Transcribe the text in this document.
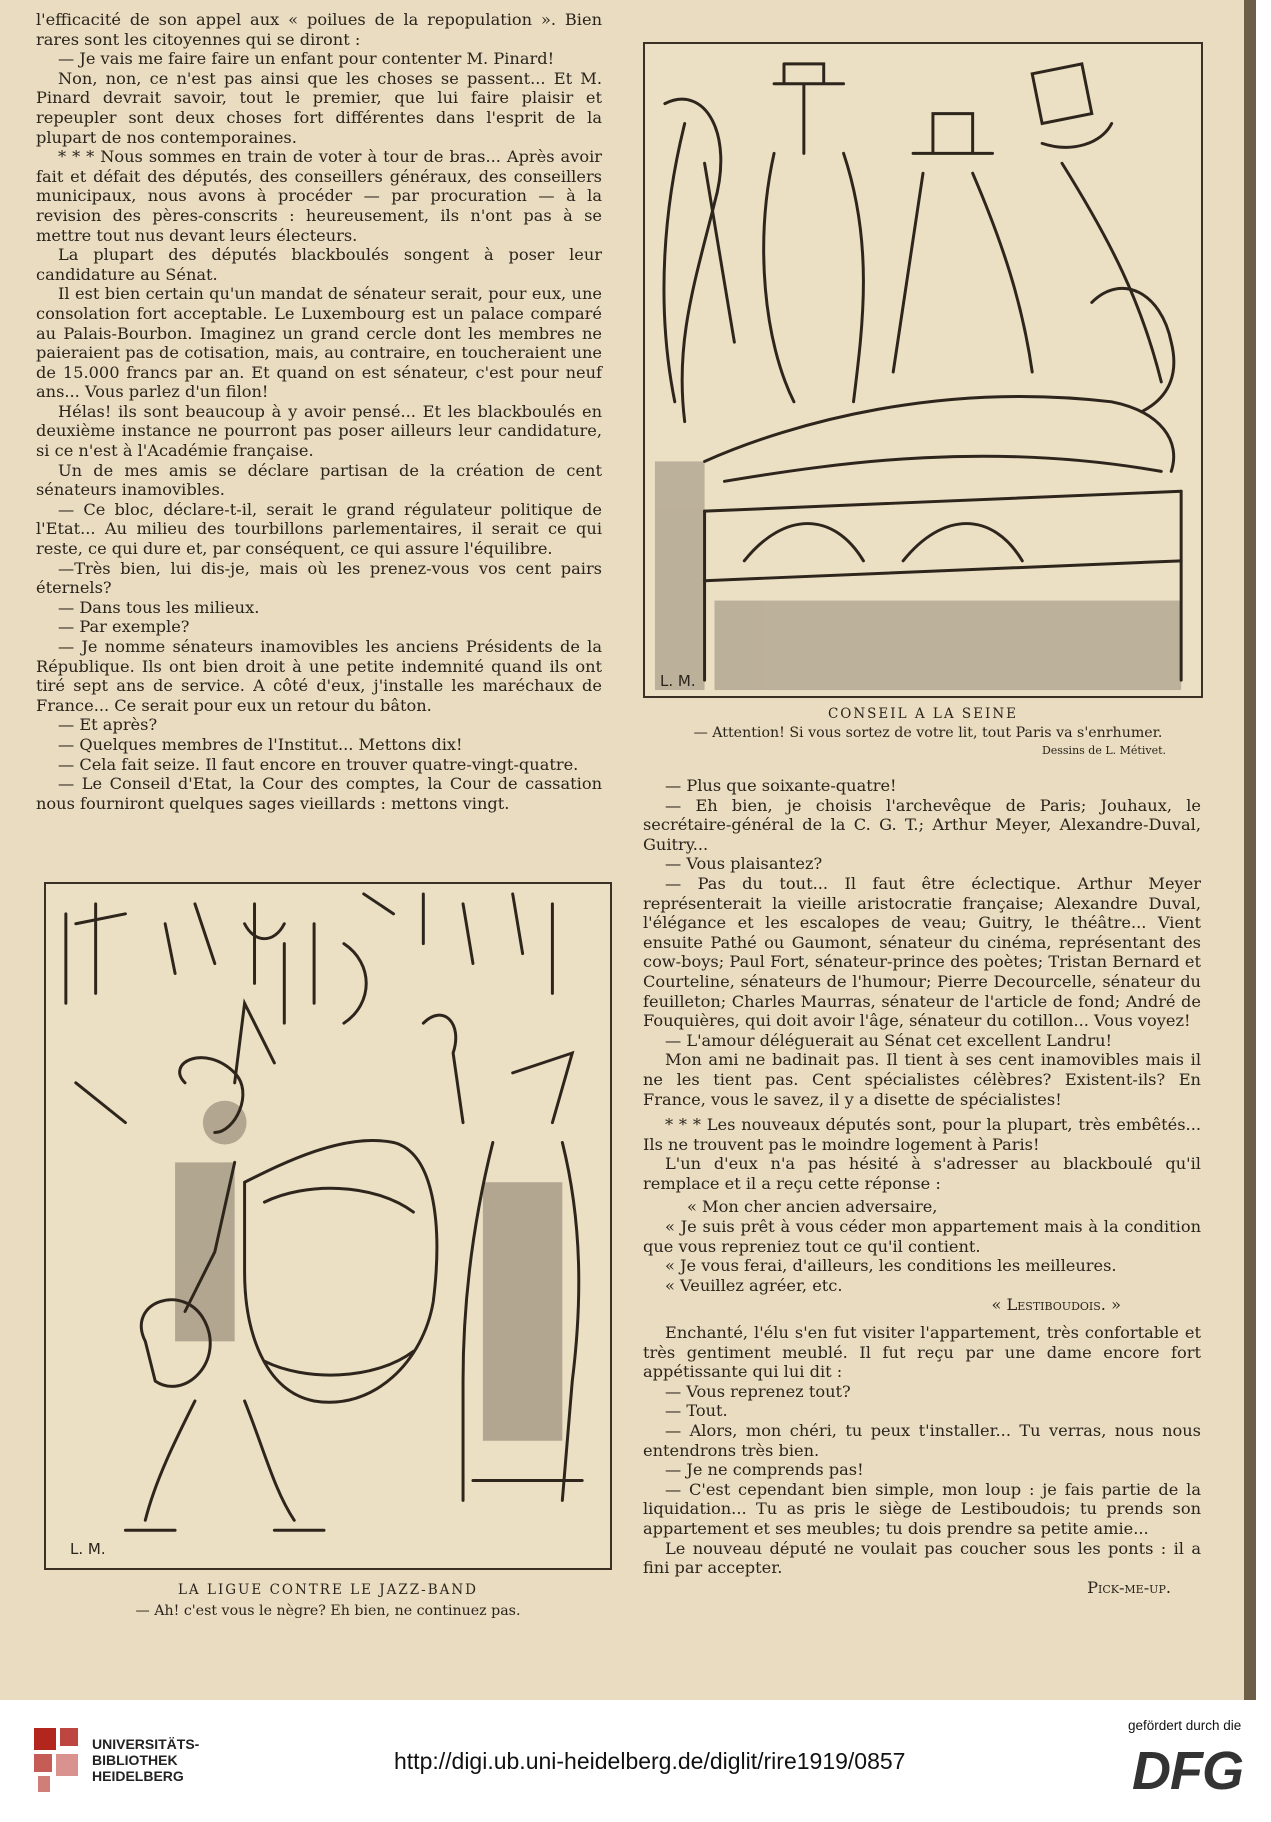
l'efficacité de son appel aux « poilues de la repopulation ». Bien rares sont les citoyennes qui se diront :

— Je vais me faire faire un enfant pour contenter M. Pinard!

Non, non, ce n'est pas ainsi que les choses se passent... Et M. Pinard devrait savoir, tout le premier, que lui faire plaisir et repeupler sont deux choses fort différentes dans l'esprit de la plupart de nos contemporaines.

* * * Nous sommes en train de voter à tour de bras... Après avoir fait et défait des députés, des conseillers généraux, des conseillers municipaux, nous avons à procéder — par procuration — à la revision des pères-conscrits : heureusement, ils n'ont pas à se mettre tout nus devant leurs électeurs.

La plupart des députés blackboulés songent à poser leur candidature au Sénat.

Il est bien certain qu'un mandat de sénateur serait, pour eux, une consolation fort acceptable. Le Luxembourg est un palace comparé au Palais-Bourbon. Imaginez un grand cercle dont les membres ne paieraient pas de cotisation, mais, au contraire, en toucheraient une de 15.000 francs par an. Et quand on est sénateur, c'est pour neuf ans... Vous parlez d'un filon!

Hélas! ils sont beaucoup à y avoir pensé... Et les blackboulés en deuxième instance ne pourront pas poser ailleurs leur candidature, si ce n'est à l'Académie française.

Un de mes amis se déclare partisan de la création de cent sénateurs inamovibles.

— Ce bloc, déclare-t-il, serait le grand régulateur politique de l'Etat... Au milieu des tourbillons parlementaires, il serait ce qui reste, ce qui dure et, par conséquent, ce qui assure l'équilibre.

—Très bien, lui dis-je, mais où les prenez-vous vos cent pairs éternels?

— Dans tous les milieux.

— Par exemple?

— Je nomme sénateurs inamovibles les anciens Présidents de la République. Ils ont bien droit à une petite indemnité quand ils ont tiré sept ans de service. A côté d'eux, j'installe les maréchaux de France... Ce serait pour eux un retour du bâton.

— Et après?

— Quelques membres de l'Institut... Mettons dix!

— Cela fait seize. Il faut encore en trouver quatre-vingt-quatre.

— Le Conseil d'Etat, la Cour des comptes, la Cour de cassation nous fourniront quelques sages vieillards : mettons vingt.

L. M.
CONSEIL A LA SEINE
— Attention! Si vous sortez de votre lit, tout Paris va s'enrhumer.
Dessins de L. Métivet.

— Plus que soixante-quatre!

— Eh bien, je choisis l'archevêque de Paris; Jouhaux, le secrétaire-général de la C. G. T.; Arthur Meyer, Alexandre-Duval, Guitry...

— Vous plaisantez?

— Pas du tout... Il faut être éclectique. Arthur Meyer représenterait la vieille aristocratie française; Alexandre Duval, l'élégance et les escalopes de veau; Guitry, le théâtre... Vient ensuite Pathé ou Gaumont, sénateur du cinéma, représentant des cow-boys; Paul Fort, sénateur-prince des poètes; Tristan Bernard et Courteline, sénateurs de l'humour; Pierre Decourcelle, sénateur du feuilleton; Charles Maurras, sénateur de l'article de fond; André de Fouquières, qui doit avoir l'âge, sénateur du cotillon... Vous voyez!

— L'amour déléguerait au Sénat cet excellent Landru!

Mon ami ne badinait pas. Il tient à ses cent inamovibles mais il ne les tient pas. Cent spécialistes célèbres? Existent-ils? En France, vous le savez, il y a disette de spécialistes!

* * * Les nouveaux députés sont, pour la plupart, très embêtés... Ils ne trouvent pas le moindre logement à Paris!

L'un d'eux n'a pas hésité à s'adresser au blackboulé qu'il remplace et il a reçu cette réponse :

« Mon cher ancien adversaire,

« Je suis prêt à vous céder mon appartement mais à la condition que vous repreniez tout ce qu'il contient.

« Je vous ferai, d'ailleurs, les conditions les meilleures.

« Veuillez agréer, etc.

« Lestiboudois. »

Enchanté, l'élu s'en fut visiter l'appartement, très confortable et très gentiment meublé. Il fut reçu par une dame encore fort appétissante qui lui dit :

— Vous reprenez tout?

— Tout.

— Alors, mon chéri, tu peux t'installer... Tu verras, nous nous entendrons très bien.

— Je ne comprends pas!

— C'est cependant bien simple, mon loup : je fais partie de la liquidation... Tu as pris le siège de Lestiboudois; tu prends son appartement et ses meubles; tu dois prendre sa petite amie...

Le nouveau député ne voulait pas coucher sous les ponts : il a fini par accepter.

Pick-me-up.

L. M.
LA LIGUE CONTRE LE JAZZ-BAND
— Ah! c'est vous le nègre? Eh bien, ne continuez pas.
UNIVERSITÄTS-
BIBLIOTHEK
HEIDELBERG
http://digi.ub.uni-heidelberg.de/diglit/rire1919/0857
gefördert durch die
DFG
